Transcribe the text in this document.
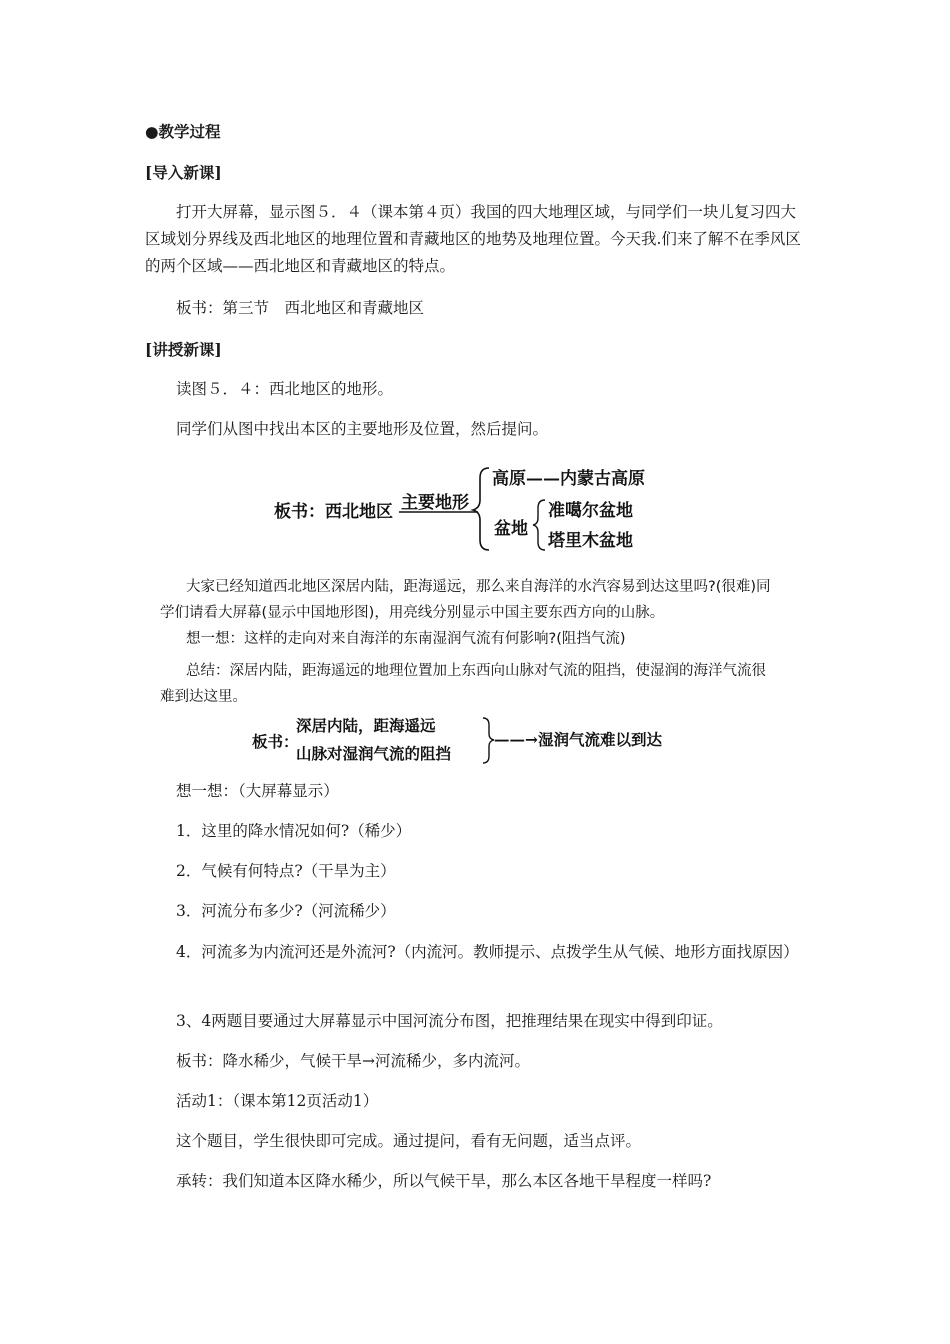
●教学过程

[导入新课]

打开大屏幕，显示图５．４（课本第４页）我国的四大地理区域，与同学们一块儿复习四大区域划分界线及西北地区的地理位置和青藏地区的地势及地理位置。今天我.们来了解不在季风区的两个区域——西北地区和青藏地区的特点。

板书：第三节　西北地区和青藏地区

[讲授新课]

读图５．４：西北地区的地形。

同学们从图中找出本区的主要地形及位置，然后提问。

板书：西北地区 主要地形
高原——内蒙古高原
盆地
准噶尔盆地
塔里木盆地
大家已经知道西北地区深居内陆，距海遥远，那么来自海洋的水汽容易到达这里吗?(很难)同学们请看大屏幕(显示中国地形图)，用亮线分别显示中国主要东西方向的山脉。
想一想：这样的走向对来自海洋的东南湿润气流有何影响?(阻挡气流)
总结：深居内陆，距海遥远的地理位置加上东西向山脉对气流的阻挡，使湿润的海洋气流很难到达这里。
板书：
深居内陆，距海遥远
山脉对湿润气流的阻挡
——→湿润气流难以到达

想一想：（大屏幕显示）

1．这里的降水情况如何?（稀少）

2．气候有何特点?（干旱为主）

3．河流分布多少?（河流稀少）

4．河流多为内流河还是外流河?（内流河。教师提示、点拨学生从气候、地形方面找原因）

3、4两题目要通过大屏幕显示中国河流分布图，把推理结果在现实中得到印证。

板书：降水稀少，气候干旱→河流稀少，多内流河。

活动1：（课本第12页活动1）

这个题目，学生很快即可完成。通过提问，看有无问题，适当点评。

承转：我们知道本区降水稀少，所以气候干旱，那么本区各地干旱程度一样吗?
